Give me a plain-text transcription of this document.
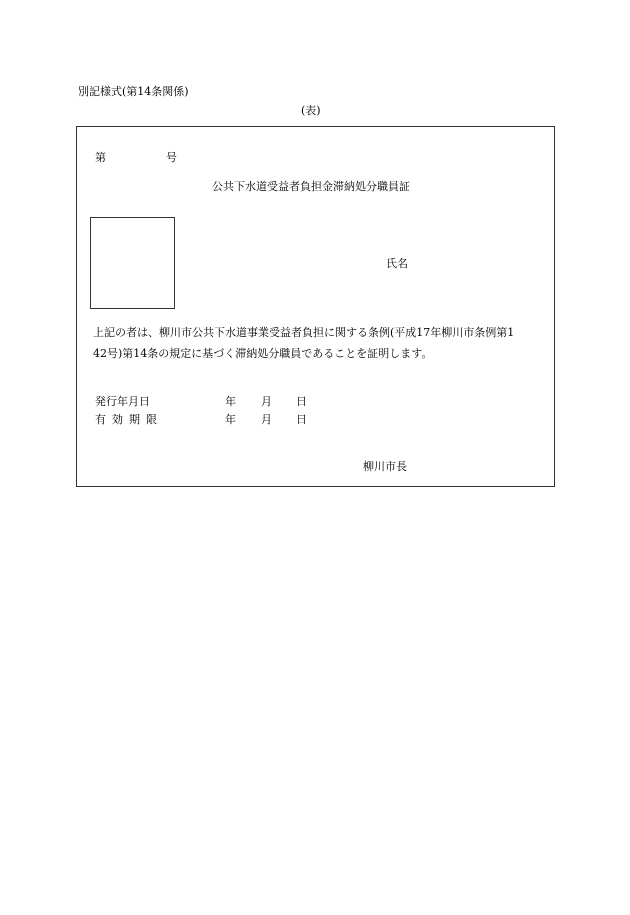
別記様式(第14条関係)
(表)
第	号
公共下水道受益者負担金滞納処分職員証
氏名
上記の者は、柳川市公共下水道事業受益者負担に関する条例(平成17年柳川市条例第1
42号)第14条の規定に基づく滞納処分職員であることを証明します。
発行年月日	年 月 日
有効期限	年 月 日
柳川市長
